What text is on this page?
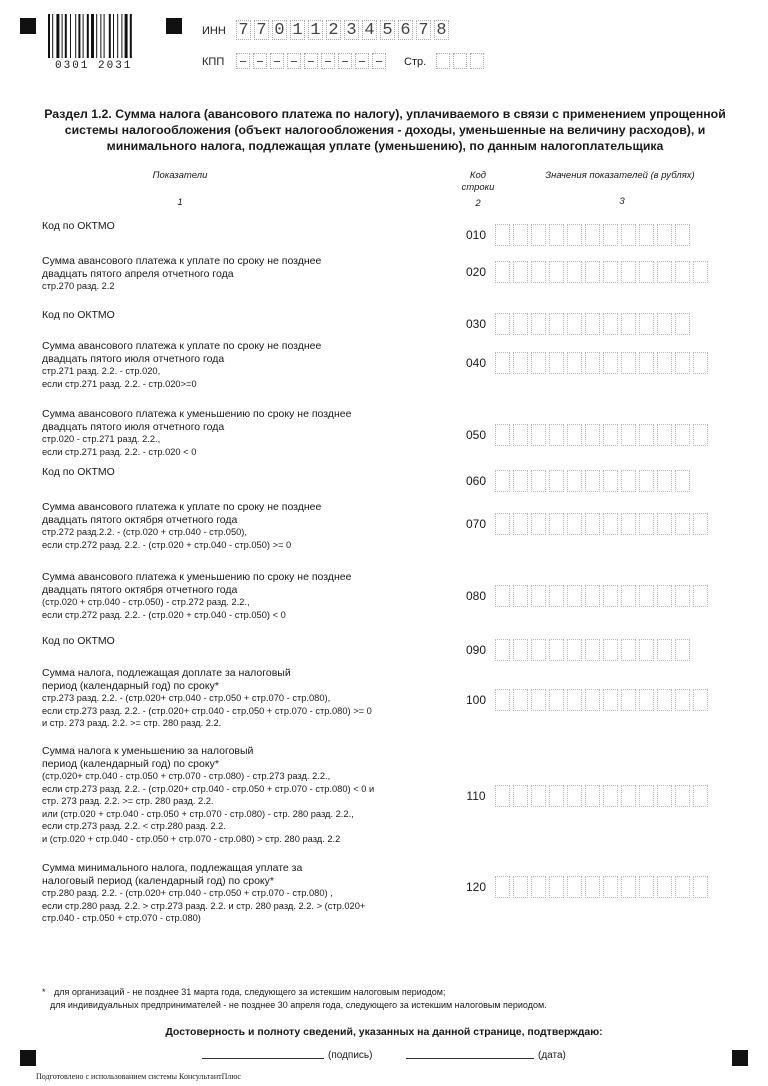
0301 2031
ИНН 7 7 0 1 1 2 3 4 5 6 7 8
КПП – – – – – – – – – Стр.
Раздел 1.2. Сумма налога (авансового платежа по налогу), уплачиваемого в связи с применением упрощенной системы налогообложения (объект налогообложения - доходы, уменьшенные на величину расходов), и минимального налога, подлежащая уплате (уменьшению), по данным налогоплательщика
Показатели	Код строки
Значения показателей (в рублях)
1	2	3
Код по ОКТМО
010
Сумма авансового платежа к уплате по сроку не позднее
двадцать пятого апреля отчетного года
стр.270 разд. 2.2
020
Код по ОКТМО
030
Сумма авансового платежа к уплате по сроку не позднее
двадцать пятого июля отчетного года
стр.271 разд. 2.2. - стр.020,
если стр.271 разд. 2.2. - стр.020>=0
040
Сумма авансового платежа к уменьшению по сроку не позднее
двадцать пятого июля отчетного года
стр.020 - стр.271 разд. 2.2.,
если стр.271 разд. 2.2. - стр.020 < 0
050
Код по ОКТМО
060
Сумма авансового платежа к уплате по сроку не позднее
двадцать пятого октября отчетного года
стр.272 разд.2.2. - (стр.020 + стр.040 - стр.050),
если стр.272 разд. 2.2. - (стр.020 + стр.040 - стр.050) >= 0
070
Сумма авансового платежа к уменьшению по сроку не позднее
двадцать пятого октября отчетного года
(стр.020 + стр.040 - стр.050) - стр.272 разд. 2.2.,
если стр.272 разд. 2.2. - (стр.020 + стр.040 - стр.050) < 0
080
Код по ОКТМО
090
Сумма налога, подлежащая доплате за налоговый
период (календарный год) по сроку*
стр.273 разд. 2.2. - (стр.020+ стр.040 - стр.050 + стр.070 - стр.080),
если стр.273 разд. 2.2. - (стр.020+ стр.040 - стр.050 + стр.070 - стр.080) >= 0
и стр. 273 разд. 2.2. >= стр. 280 разд. 2.2.
100
Сумма налога к уменьшению за налоговый
период (календарный год) по сроку*
(стр.020+ стр.040 - стр.050 + стр.070 - стр.080) - стр.273 разд. 2.2.,
если стр.273 разд. 2.2. - (стр.020+ стр.040 - стр.050 + стр.070 - стр.080) < 0 и
стр. 273 разд. 2.2. >= стр. 280 разд. 2.2.
или (стр.020 + стр.040 - стр.050 + стр.070 - стр.080) - стр. 280 разд. 2.2.,
если стр.273 разд. 2.2. < стр.280 разд. 2.2.
и (стр.020 + стр.040 - стр.050 + стр.070 - стр.080) > стр. 280 разд. 2.2
110
Сумма минимального налога, подлежащая уплате за
налоговый период (календарный год) по сроку*
стр.280 разд. 2.2. - (стр.020+ стр.040 - стр.050 + стр.070 - стр.080) ,
если стр.280 разд. 2.2. > стр.273 разд. 2.2. и стр. 280 разд. 2.2. > (стр.020+
стр.040 - стр.050 + стр.070 - стр.080)
120
* для организаций - не позднее 31 марта года, следующего за истекшим налоговым периодом;
для индивидуальных предпринимателей - не позднее 30 апреля года, следующего за истекшим налоговым периодом.
Достоверность и полноту сведений, указанных на данной странице, подтверждаю:
(подпись)	(дата)
Подготовлено с использованием системы КонсультантПлюс
